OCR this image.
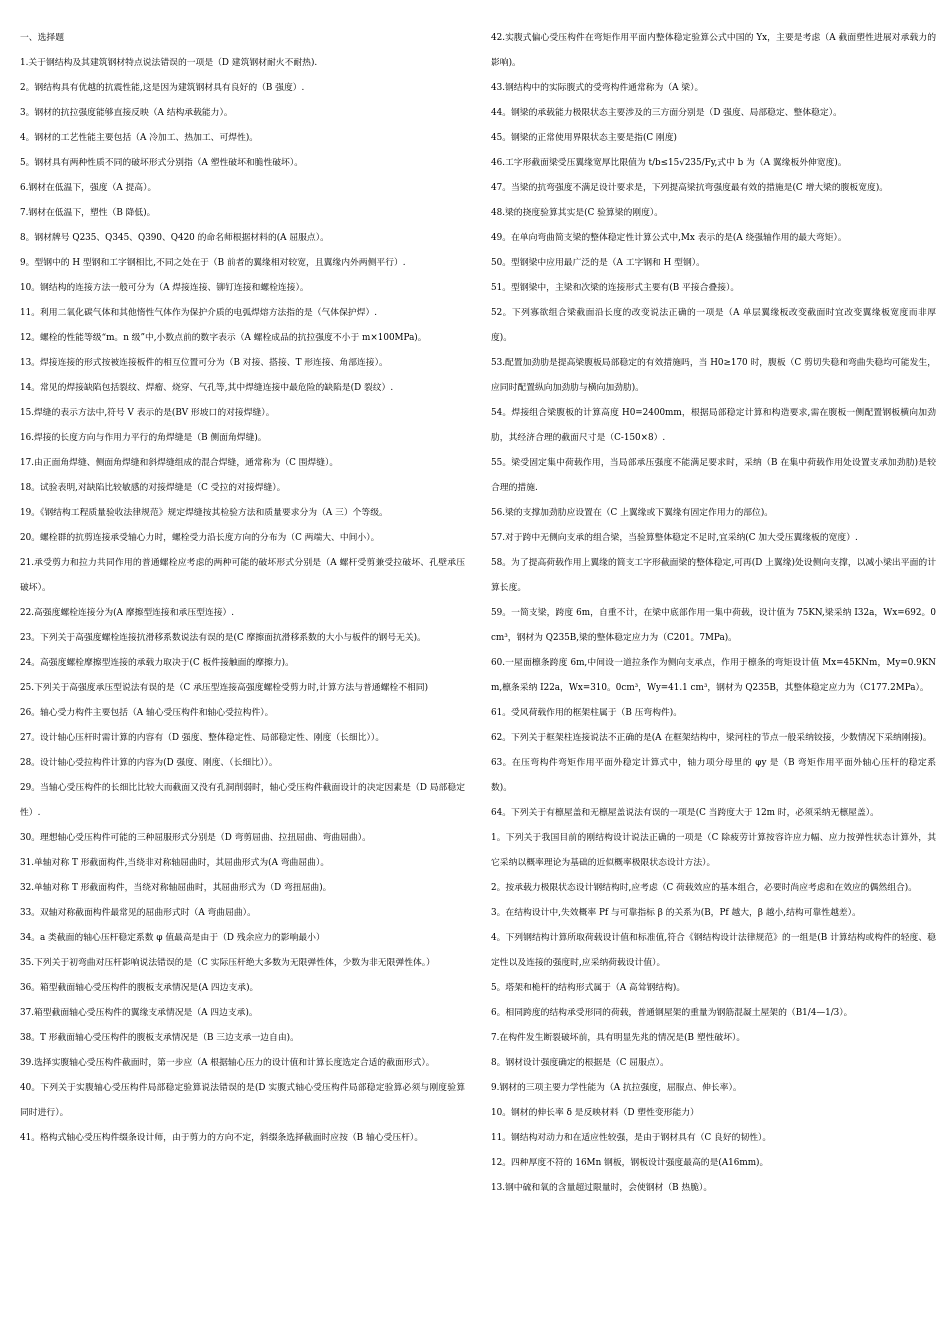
一、选择题

1.关于钢结构及其建筑钢材特点说法错误的一项是（D 建筑钢材耐火不耐热).

2。钢结构具有优越的抗震性能,这是因为建筑钢材具有良好的（B 强度）.

3。钢材的抗拉强度能够直接反映（A 结构承载能力）。

4。钢材的工艺性能主要包括（A 冷加工、热加工、可焊性)。

5。钢材具有两种性质不同的破坏形式分别指（A 塑性破坏和脆性破坏）。

6.钢材在低温下，强度（A 提高）。

7.钢材在低温下，塑性（B 降低)。

8。钢材牌号 Q235、Q345、Q390、Q420 的命名师根据材料的(A 屈服点）。

9。型钢中的 H 型钢和工字钢相比,不同之处在于（B 前者的翼缘相对较宽，且翼缘内外两侧平行）.

10。钢结构的连接方法一般可分为（A 焊接连接、铆钉连接和螺栓连接）。

11。利用二氧化碳气体和其他惰性气体作为保护介质的电弧焊熔方法指的是（气体保护焊）.

12。螺栓的性能等级“m。n 级”中,小数点前的数字表示（A 螺栓成品的抗拉强度不小于 m×100MPa)。

13。焊接连接的形式按被连接板件的相互位置可分为（B 对接、搭接、T 形连接、角部连接）。

14。常见的焊接缺陷包括裂纹、焊瘤、烧穿、气孔等,其中焊缝连接中最危险的缺陷是(D 裂纹）.

15.焊缝的表示方法中,符号 V 表示的是(BV 形坡口的对接焊缝）。

16.焊接的长度方向与作用力平行的角焊缝是（B 侧面角焊缝)。

17.由正面角焊缝、侧面角焊缝和斜焊缝组成的混合焊缝，通常称为（C 围焊缝）。

18。试验表明,对缺陷比较敏感的对接焊缝是（C 受拉的对接焊缝）。

19。《钢结构工程质量验收法律规范》规定焊缝按其检验方法和质量要求分为（A 三）个等级。

20。螺栓群的抗剪连接承受轴心力时，螺栓受力沿长度方向的分布为（C 两端大、中间小）。

21.承受剪力和拉力共同作用的普通螺栓应考虑的两种可能的破坏形式分别是（A 螺杆受剪兼受拉破坏、孔壁承压破坏）。

22.高强度螺栓连接分为(A 摩擦型连接和承压型连接）.

23。下列关于高强度螺栓连接抗滑移系数说法有误的是(C 摩擦面抗滑移系数的大小与板件的钢号无关)。

24。高强度螺栓摩擦型连接的承载力取决于(C 板件接触面的摩擦力)。

25.下列关于高强度承压型说法有误的是（C 承压型连接高强度螺栓受剪力时,计算方法与普通螺栓不相同)

26。轴心受力构件主要包括（A 轴心受压构件和轴心受拉构件）。

27。设计轴心压杆时需计算的内容有（D 强度、整体稳定性、局部稳定性、刚度（长细比））。

28。设计轴心受拉构件计算的内容为(D 强度、刚度、（长细比））。

29。当轴心受压构件的长细比比较大而截面又没有孔洞削弱时，轴心受压构件截面设计的决定因素是（D 局部稳定性）.

30。理想轴心受压构件可能的三种屈服形式分别是（D 弯剪屈曲、拉扭屈曲、弯曲屈曲）。

31.单轴对称 T 形截面构件,当绕非对称轴屈曲时，其屈曲形式为(A 弯曲屈曲）。

32.单轴对称 T 形截面构件，当绕对称轴屈曲时，其屈曲形式为（D 弯扭屈曲)。

33。双轴对称截面构件最常见的屈曲形式时（A 弯曲屈曲）。

34。a 类截面的轴心压杆稳定系数 φ 值最高是由于（D 残余应力的影响最小）

35.下列关于初弯曲对压杆影响说法错误的是（C 实际压杆绝大多数为无限弹性体，少数为非无限弹性体。）

36。箱型截面轴心受压构件的腹板支承情况是(A 四边支承)。

37.箱型截面轴心受压构件的翼缘支承情况是（A 四边支承)。

38。T 形截面轴心受压构件的腹板支承情况是（B 三边支承一边自由)。

39.选择实腹轴心受压构件截面时，第一步应（A 根据轴心压力的设计值和计算长度选定合适的截面形式）。

40。下列关于实腹轴心受压构件局部稳定验算说法错误的是(D 实腹式轴心受压构件局部稳定验算必须与刚度验算同时进行）。

41。格构式轴心受压构件缀条设计师，由于剪力的方向不定，斜缀条选择截面时应按（B 轴心受压杆）。

42.实腹式偏心受压构件在弯矩作用平面内整体稳定验算公式中国的 Yx，主要是考虑（A 截面塑性进展对承载力的影响)。

43.钢结构中的实际腹式的受弯构件通常称为（A 梁）。

44。钢梁的承载能力极限状态主要涉及的三方面分别是（D 强度、局部稳定、整体稳定）。

45。钢梁的正常使用界限状态主要是指(C 刚度)

46.工字形截面梁受压翼缘宽厚比限值为 t/b≤15√235/Fy,式中 b 为（A 翼缘板外伸宽度)。

47。当梁的抗弯强度不满足设计要求是，下列提高梁抗弯强度最有效的措施是(C 增大梁的腹板宽度)。

48.梁的挠度验算其实是(C 验算梁的刚度）。

49。在单向弯曲简支梁的整体稳定性计算公式中,Mx 表示的是(A 绕强轴作用的最大弯矩）。

50。型钢梁中应用最广泛的是（A 工字钢和 H 型钢）。

51。型钢梁中，主梁和次梁的连接形式主要有(B 平接合叠接）。

52。下列寡欲组合梁截面沿长度的改变说法正确的一项是（A 单层翼缘板改变截面时宜改变翼缘板宽度而非厚度)。

53.配置加劲肋是提高梁腹板局部稳定的有效措施吗，当 H0≥170 时，腹板（C 剪切失稳和弯曲失稳均可能发生，应同时配置纵向加劲肋与横向加劲肋)。

54。焊接组合梁腹板的计算高度 H0=2400mm，根据局部稳定计算和构造要求,需在腹板一侧配置钢板横向加劲肋，其经济合理的截面尺寸是（C-150×8）.

55。梁受固定集中荷载作用，当局部承压强度不能满足要求时，采纳（B 在集中荷载作用处设置支承加劲肋)是较合理的措施.

56.梁的支撑加劲肋应设置在（C 上翼缘或下翼缘有固定作用力的部位)。

57.对于跨中无侧向支承的组合梁，当验算整体稳定不足时,宜采纳(C 加大受压翼缘板的宽度）.

58。为了提高荷载作用上翼缘的简支工字形截面梁的整体稳定,可再(D 上翼缘)处设侧向支撑，以减小梁出平面的计算长度。

59。一简支梁，跨度 6m，自重不计，在梁中底部作用一集中荷载，设计值为 75KN,梁采纳 I32a，Wx=692。0cm³，钢材为 Q235B,梁的整体稳定应力为（C201。7MPa)。

60.一屋面檩条跨度 6m,中间设一道拉条作为侧向支承点，作用于檩条的弯矩设计值 Mx=45KNm，My=0.9KNm,檩条采纳 I22a，Wx=310。0cm³，Wy=41.1 cm³，钢材为 Q235B，其整体稳定应力为（C177.2MPa）。

61。受风荷载作用的框架柱属于（B 压弯构件)。

62。下列关于框架柱连接说法不正确的是(A 在框架结构中，梁河柱的节点一般采纳铰接，少数情况下采纳刚接)。

63。在压弯构件弯矩作用平面外稳定计算式中，轴力项分母里的 φy 是（B 弯矩作用平面外轴心压杆的稳定系数)。

64。下列关于有檩屋盖和无檩屋盖说法有误的一项是(C 当跨度大于 12m 时，必须采纳无檩屋盖）。

1。下列关于我国目前的刚结构设计说法正确的一项是（C 除疲劳计算按容许应力幅、应力按弹性状态计算外，其它采纳以概率理论为基础的近似概率极限状态设计方法）。

2。按承载力极限状态设计钢结构时,应考虑（C 荷载效应的基本组合，必要时尚应考虑和在效应的偶然组合)。

3。在结构设计中,失效概率 Pf 与可靠指标 β 的关系为(B，Pf 越大，β 越小,结构可靠性越差）。

4。下列钢结构计算所取荷载设计值和标准值,符合《钢结构设计法律规范》的一组是(B 计算结构或构件的轻度、稳定性以及连接的强度时,应采纳荷载设计值）。

5。塔架和桅杆的结构形式属于（A 高耸钢结构)。

6。相同跨度的结构承受形同的荷载，普通钢屋架的重量为钢筋混凝土屋架的（B1/4—1/3）。

7.在构件发生断裂破坏前，具有明显先兆的情况是(B 塑性破坏）。

8。钢材设计强度确定的根据是（C 屈服点）。

9.钢材的三项主要力学性能为（A 抗拉强度，屈服点、伸长率）。

10。钢材的伸长率 δ 是反映材料（D 塑性变形能力）

11。钢结构对动力和在适应性较强，是由于钢材具有（C 良好的韧性）。

12。四种厚度不符的 16Mn 钢板，钢板设计强度最高的是(A16mm)。

13.钢中硫和氧的含量超过限量时，会使钢材（B 热脆）。
